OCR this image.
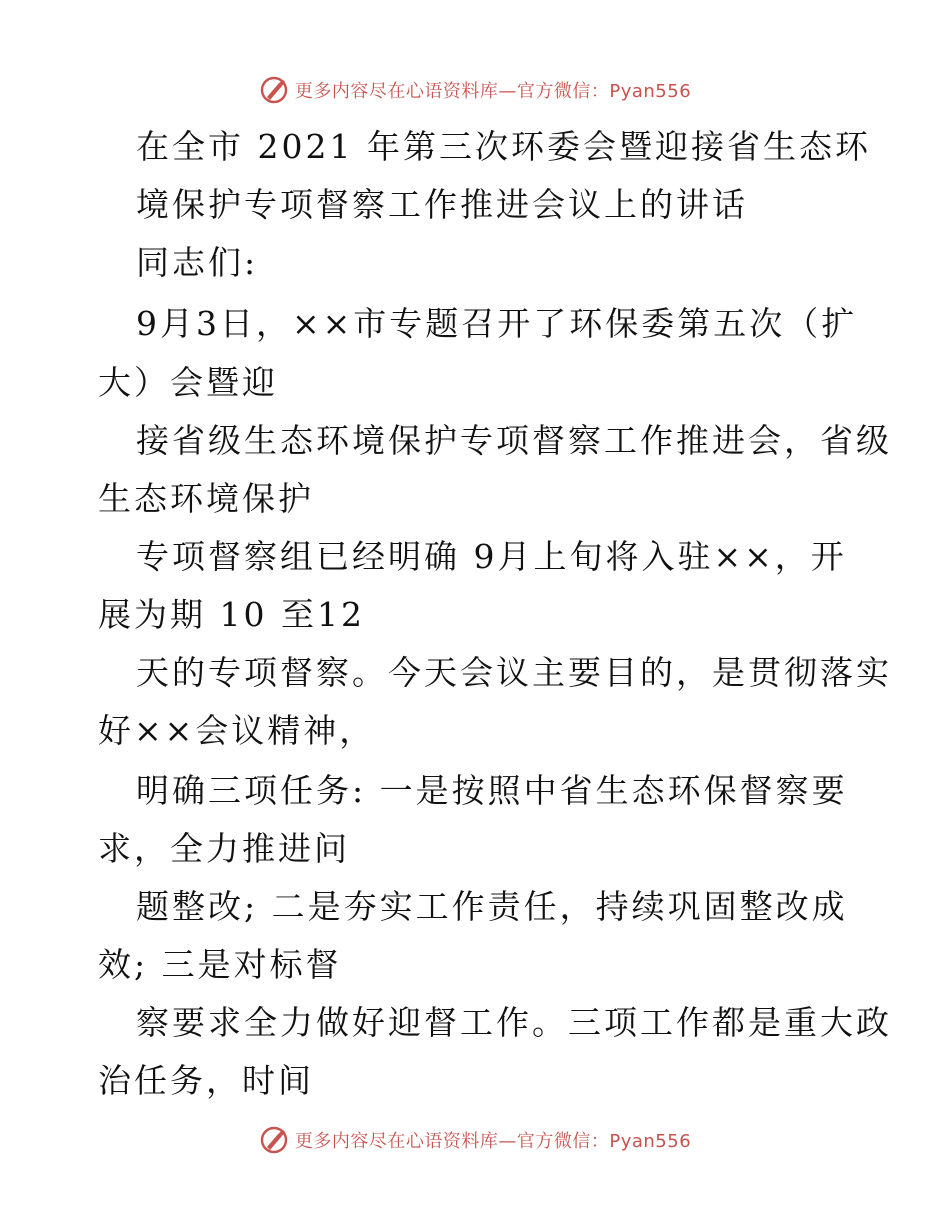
更多内容尽在心语资料库—官方微信：Pyan556
在全市 2021 年第三次环委会暨迎接省生态环
境保护专项督察工作推进会议上的讲话
同志们:
9月3日，××市专题召开了环保委第五次（扩
大）会暨迎
接省级生态环境保护专项督察工作推进会，省级
生态环境保护
专项督察组已经明确 9月上旬将入驻××，开
展为期 10 至12
天的专项督察。今天会议主要目的，是贯彻落实
好××会议精神，
明确三项任务: 一是按照中省生态环保督察要
求，全力推进问
题整改; 二是夯实工作责任，持续巩固整改成
效; 三是对标督
察要求全力做好迎督工作。三项工作都是重大政
治任务，时间
更多内容尽在心语资料库—官方微信：Pyan556
